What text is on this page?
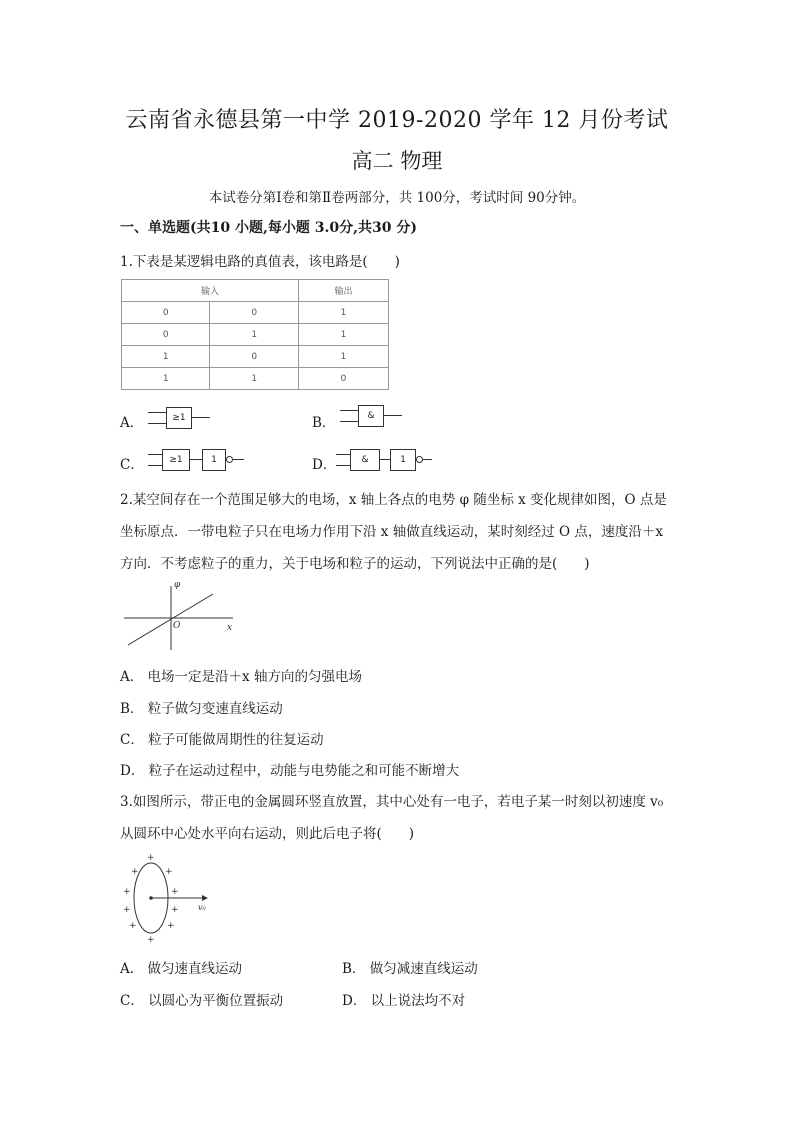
云南省永德县第一中学 2019-2020 学年 12 月份考试
高二 物理
本试卷分第Ⅰ卷和第Ⅱ卷两部分，共 100分，考试时间 90分钟。
一、单选题(共10 小题,每小题 3.0分,共30 分)
1.下表是某逻辑电路的真值表，该电路是(　　)
输入		输出
0	0	1
0	1	1
1	0	1
1	1	0
A．	≥1	B．	&
C．	≥1	1	D．	&	1
2.某空间存在一个范围足够大的电场，x 轴上各点的电势 φ 随坐标 x 变化规律如图，O 点是
坐标原点．一带电粒子只在电场力作用下沿 x 轴做直线运动，某时刻经过 O 点，速度沿＋x
方向．不考虑粒子的重力，关于电场和粒子的运动，下列说法中正确的是(　　)
φ
x
O
A． 电场一定是沿＋x 轴方向的匀强电场
B． 粒子做匀变速直线运动
C． 粒子可能做周期性的往复运动
D． 粒子在运动过程中，动能与电势能之和可能不断增大
3.如图所示，带正电的金属圆环竖直放置，其中心处有一电子，若电子某一时刻以初速度 v₀
从圆环中心处水平向右运动，则此后电子将(　　)
v₀
+
+	+
+	+
+	+
+	+
+
A． 做匀速直线运动	B． 做匀减速直线运动
C． 以圆心为平衡位置振动	D． 以上说法均不对
